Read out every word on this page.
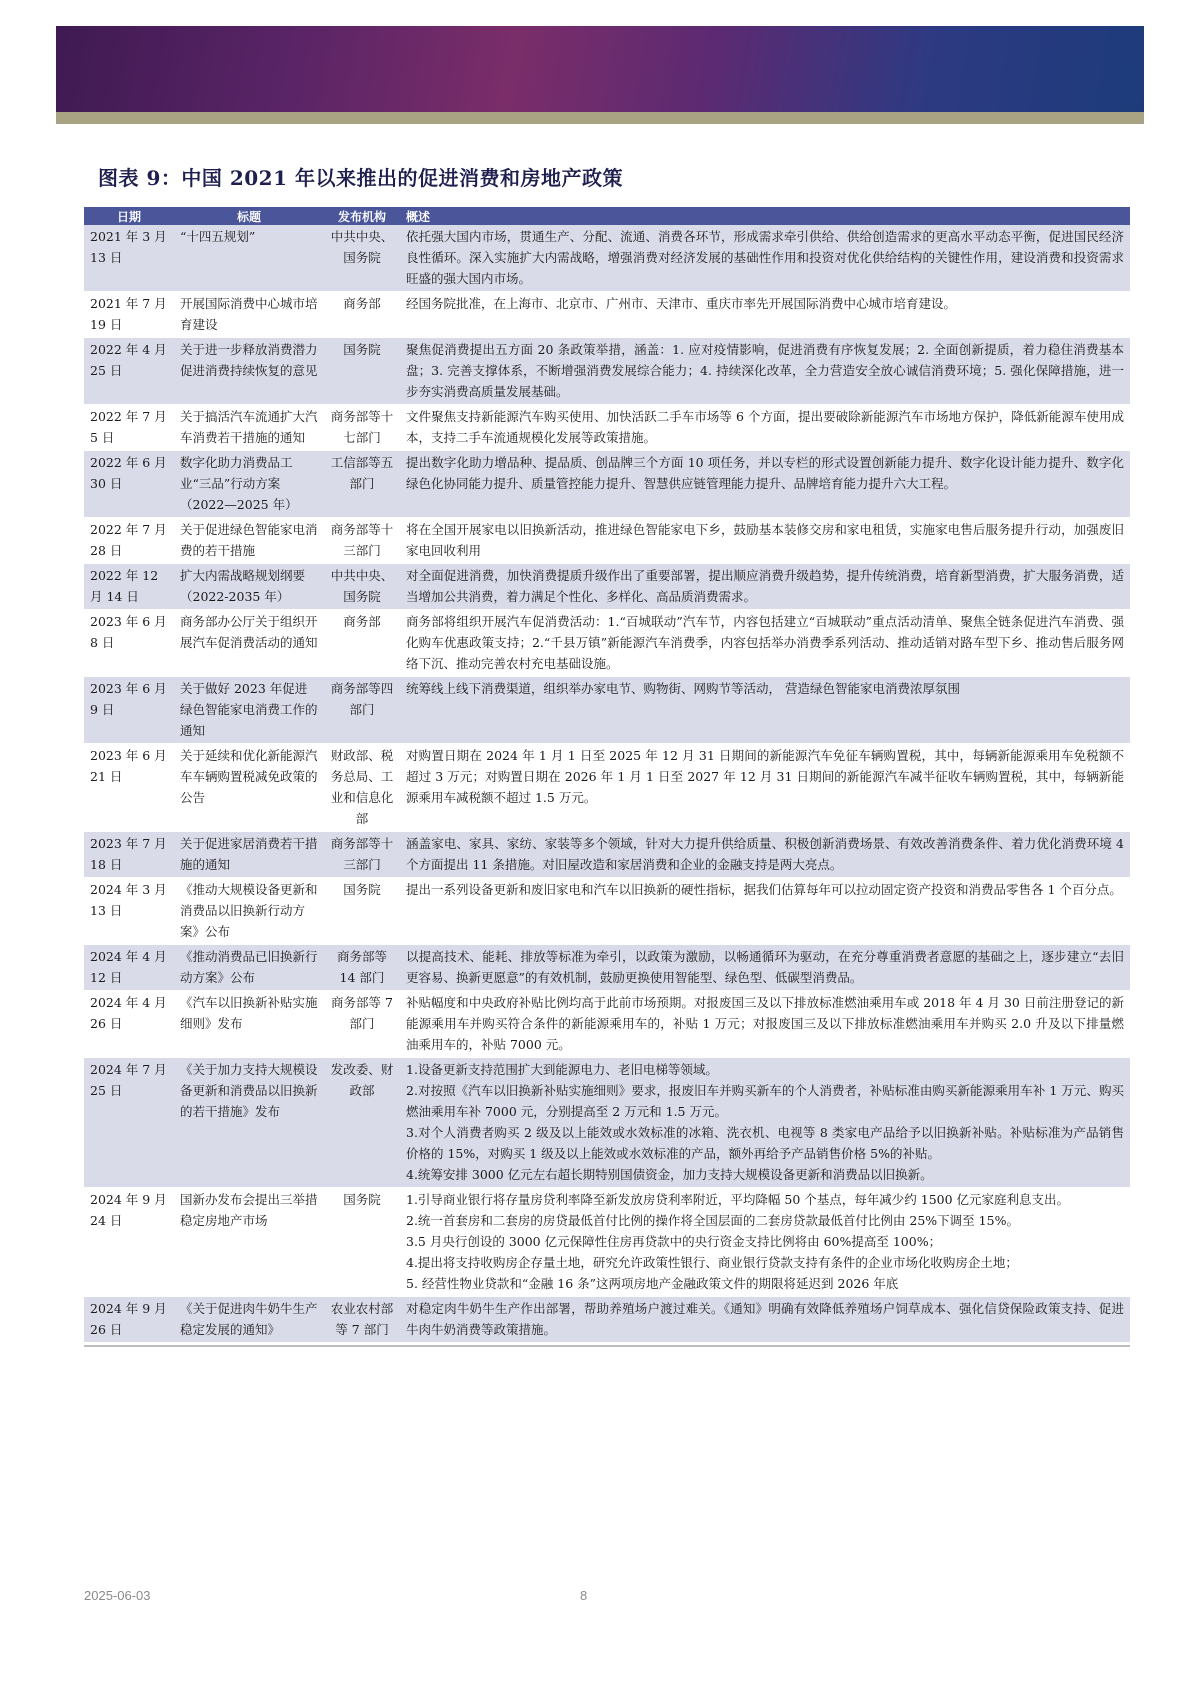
图表 9：中国 2021 年以来推出的促进消费和房地产政策
日期	标题	发布机构	概述
2021 年 3 月 13 日	“十四五规划”	中共中央、国务院	依托强大国内市场，贯通生产、分配、流通、消费各环节，形成需求牵引供给、供给创造需求的更高水平动态平衡，促进国民经济良性循环。深入实施扩大内需战略，增强消费对经济发展的基础性作用和投资对优化供给结构的关键性作用，建设消费和投资需求旺盛的强大国内市场。

2021 年 7 月 19 日	开展国际消费中心城市培育建设	商务部	经国务院批准，在上海市、北京市、广州市、天津市、重庆市率先开展国际消费中心城市培育建设。

2022 年 4 月 25 日	关于进一步释放消费潜力促进消费持续恢复的意见	国务院	聚焦促消费提出五方面 20 条政策举措，涵盖：1. 应对疫情影响，促进消费有序恢复发展；2. 全面创新提质，着力稳住消费基本盘；3. 完善支撑体系，不断增强消费发展综合能力；4. 持续深化改革，全力营造安全放心诚信消费环境；5. 强化保障措施，进一步夯实消费高质量发展基础。

2022 年 7 月 5 日	关于搞活汽车流通扩大汽车消费若干措施的通知	商务部等十七部门	文件聚焦支持新能源汽车购买使用、加快活跃二手车市场等 6 个方面，提出要破除新能源汽车市场地方保护，降低新能源车使用成本，支持二手车流通规模化发展等政策措施。

2022 年 6 月 30 日	数字化助力消费品工业“三品”行动方案（2022—2025 年）	工信部等五部门	提出数字化助力增品种、提品质、创品牌三个方面 10 项任务，并以专栏的形式设置创新能力提升、数字化设计能力提升、数字化绿色化协同能力提升、质量管控能力提升、智慧供应链管理能力提升、品牌培育能力提升六大工程。

2022 年 7 月 28 日	关于促进绿色智能家电消费的若干措施	商务部等十三部门	将在全国开展家电以旧换新活动，推进绿色智能家电下乡，鼓励基本装修交房和家电租赁，实施家电售后服务提升行动，加强废旧家电回收利用

2022 年 12 月 14 日	扩大内需战略规划纲要（2022-2035 年）	中共中央、国务院	对全面促进消费，加快消费提质升级作出了重要部署，提出顺应消费升级趋势，提升传统消费，培育新型消费，扩大服务消费，适当增加公共消费，着力满足个性化、多样化、高品质消费需求。

2023 年 6 月 8 日	商务部办公厅关于组织开展汽车促消费活动的通知	商务部	商务部将组织开展汽车促消费活动：1.“百城联动”汽车节，内容包括建立“百城联动”重点活动清单、聚焦全链条促进汽车消费、强化购车优惠政策支持；2.“千县万镇”新能源汽车消费季，内容包括举办消费季系列活动、推动适销对路车型下乡、推动售后服务网络下沉、推动完善农村充电基础设施。

2023 年 6 月 9 日	关于做好 2023 年促进绿色智能家电消费工作的通知	商务部等四部门	统筹线上线下消费渠道，组织举办家电节、购物街、网购节等活动， 营造绿色智能家电消费浓厚氛围

2023 年 6 月 21 日	关于延续和优化新能源汽车车辆购置税减免政策的公告	财政部、税务总局、工业和信息化部	对购置日期在 2024 年 1 月 1 日至 2025 年 12 月 31 日期间的新能源汽车免征车辆购置税，其中，每辆新能源乘用车免税额不超过 3 万元；对购置日期在 2026 年 1 月 1 日至 2027 年 12 月 31 日期间的新能源汽车减半征收车辆购置税，其中，每辆新能源乘用车减税额不超过 1.5 万元。

2023 年 7 月 18 日	关于促进家居消费若干措施的通知	商务部等十三部门	涵盖家电、家具、家纺、家装等多个领域，针对大力提升供给质量、积极创新消费场景、有效改善消费条件、着力优化消费环境 4 个方面提出 11 条措施。对旧屋改造和家居消费和企业的金融支持是两大亮点。

2024 年 3 月 13 日	《推动大规模设备更新和消费品以旧换新行动方案》公布	国务院	提出一系列设备更新和废旧家电和汽车以旧换新的硬性指标，据我们估算每年可以拉动固定资产投资和消费品零售各 1 个百分点。

2024 年 4 月 12 日	《推动消费品已旧换新行动方案》公布	商务部等 14 部门	以提高技术、能耗、排放等标准为牵引，以政策为激励，以畅通循环为驱动，在充分尊重消费者意愿的基础之上，逐步建立“去旧更容易、换新更愿意”的有效机制，鼓励更换使用智能型、绿色型、低碳型消费品。

2024 年 4 月 26 日	《汽车以旧换新补贴实施细则》发布	商务部等 7 部门	补贴幅度和中央政府补贴比例均高于此前市场预期。对报废国三及以下排放标准燃油乘用车或 2018 年 4 月 30 日前注册登记的新能源乘用车并购买符合条件的新能源乘用车的，补贴 1 万元；对报废国三及以下排放标准燃油乘用车并购买 2.0 升及以下排量燃油乘用车的，补贴 7000 元。

2024 年 7 月 25 日	《关于加力支持大规模设备更新和消费品以旧换新的若干措施》发布	发改委、财政部	1.设备更新支持范围扩大到能源电力、老旧电梯等领域。
2.对按照《汽车以旧换新补贴实施细则》要求，报废旧车并购买新车的个人消费者，补贴标准由购买新能源乘用车补 1 万元、购买燃油乘用车补 7000 元，分别提高至 2 万元和 1.5 万元。
3.对个人消费者购买 2 级及以上能效或水效标准的冰箱、洗衣机、电视等 8 类家电产品给予以旧换新补贴。补贴标准为产品销售价格的 15%，对购买 1 级及以上能效或水效标准的产品，额外再给予产品销售价格 5%的补贴。
4.统筹安排 3000 亿元左右超长期特别国债资金，加力支持大规模设备更新和消费品以旧换新。

2024 年 9 月 24 日	国新办发布会提出三举措稳定房地产市场	国务院	1.引导商业银行将存量房贷利率降至新发放房贷利率附近，平均降幅 50 个基点，每年减少约 1500 亿元家庭利息支出。
2.统一首套房和二套房的房贷最低首付比例的操作将全国层面的二套房贷款最低首付比例由 25%下调至 15%。
3.5 月央行创设的 3000 亿元保障性住房再贷款中的央行资金支持比例将由 60%提高至 100%；
4.提出将支持收购房企存量土地，研究允许政策性银行、商业银行贷款支持有条件的企业市场化收购房企土地；
5. 经营性物业贷款和“金融 16 条”这两项房地产金融政策文件的期限将延迟到 2026 年底

2024 年 9 月 26 日	《关于促进肉牛奶牛生产稳定发展的通知》	农业农村部等 7 部门	对稳定肉牛奶牛生产作出部署，帮助养殖场户渡过难关。《通知》明确有效降低养殖场户饲草成本、强化信贷保险政策支持、促进牛肉牛奶消费等政策措施。
2025-06-03	8
